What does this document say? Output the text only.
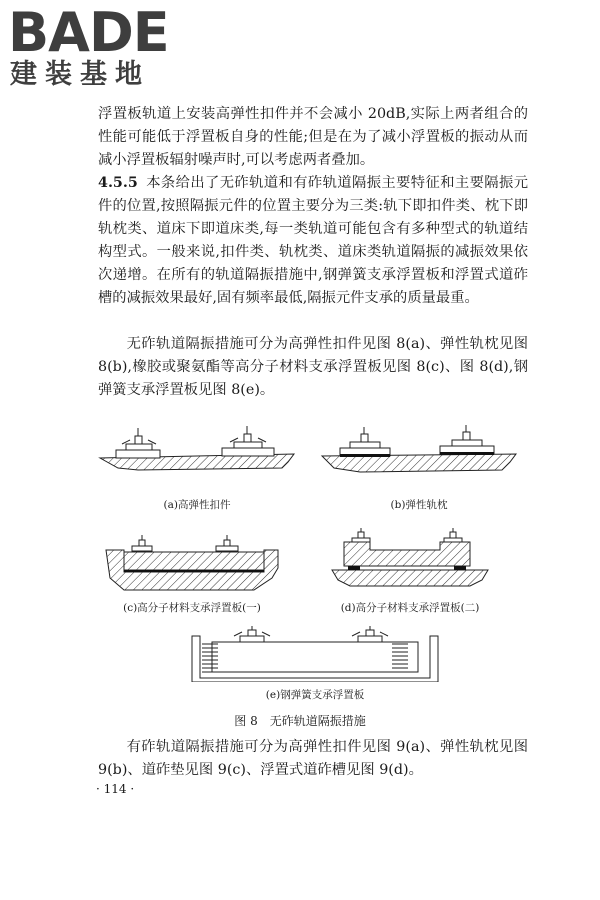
BADE
建装基地

浮置板轨道上安装高弹性扣件并不会减小 20dB,实际上两者组合的性能可能低于浮置板自身的性能;但是在为了减小浮置板的振动从而减小浮置板辐射噪声时,可以考虑两者叠加。

4.5.5 本条给出了无砟轨道和有砟轨道隔振主要特征和主要隔振元件的位置,按照隔振元件的位置主要分为三类:轨下即扣件类、枕下即轨枕类、道床下即道床类,每一类轨道可能包含有多种型式的轨道结构型式。一般来说,扣件类、轨枕类、道床类轨道隔振的减振效果依次递增。在所有的轨道隔振措施中,钢弹簧支承浮置板和浮置式道砟槽的减振效果最好,固有频率最低,隔振元件支承的质量最重。

无砟轨道隔振措施可分为高弹性扣件见图 8(a)、弹性轨枕见图 8(b),橡胶或聚氨酯等高分子材料支承浮置板见图 8(c)、图 8(d),钢弹簧支承浮置板见图 8(e)。

(a)高弹性扣件	(b)弹性轨枕
(c)高分子材料支承浮置板(一)	(d)高分子材料支承浮置板(二)
(e)钢弹簧支承浮置板
图 8　无砟轨道隔振措施

有砟轨道隔振措施可分为高弹性扣件见图 9(a)、弹性轨枕见图 9(b)、道砟垫见图 9(c)、浮置式道砟槽见图 9(d)。

· 114 ·
